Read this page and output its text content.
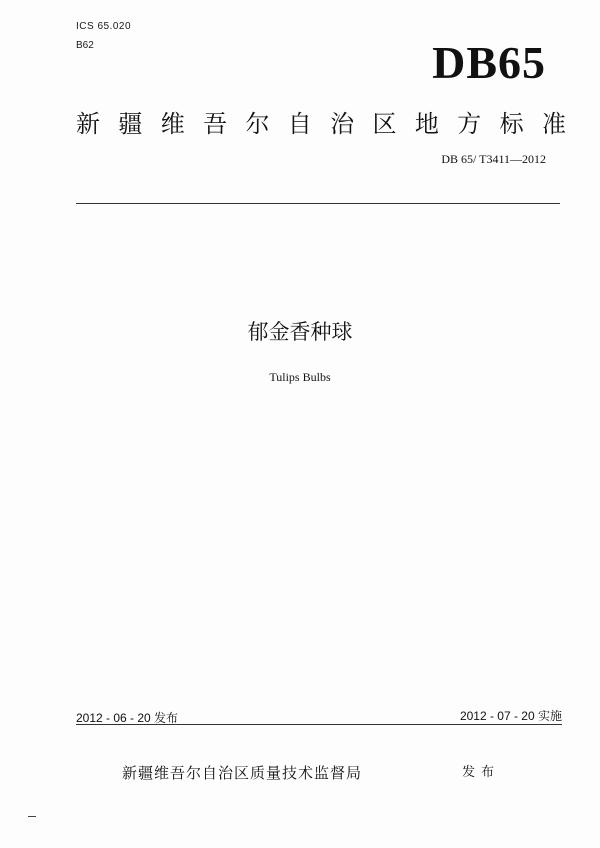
ICS 65.020
B62	DB65
新 疆 维 吾 尔 自 治 区 地 方 标 准
DB 65/ T3411—2012
郁金香种球
Tulips Bulbs
2012 - 06 - 20 发布	2012 - 07 - 20 实施
新疆维吾尔自治区质量技术监督局	发布
